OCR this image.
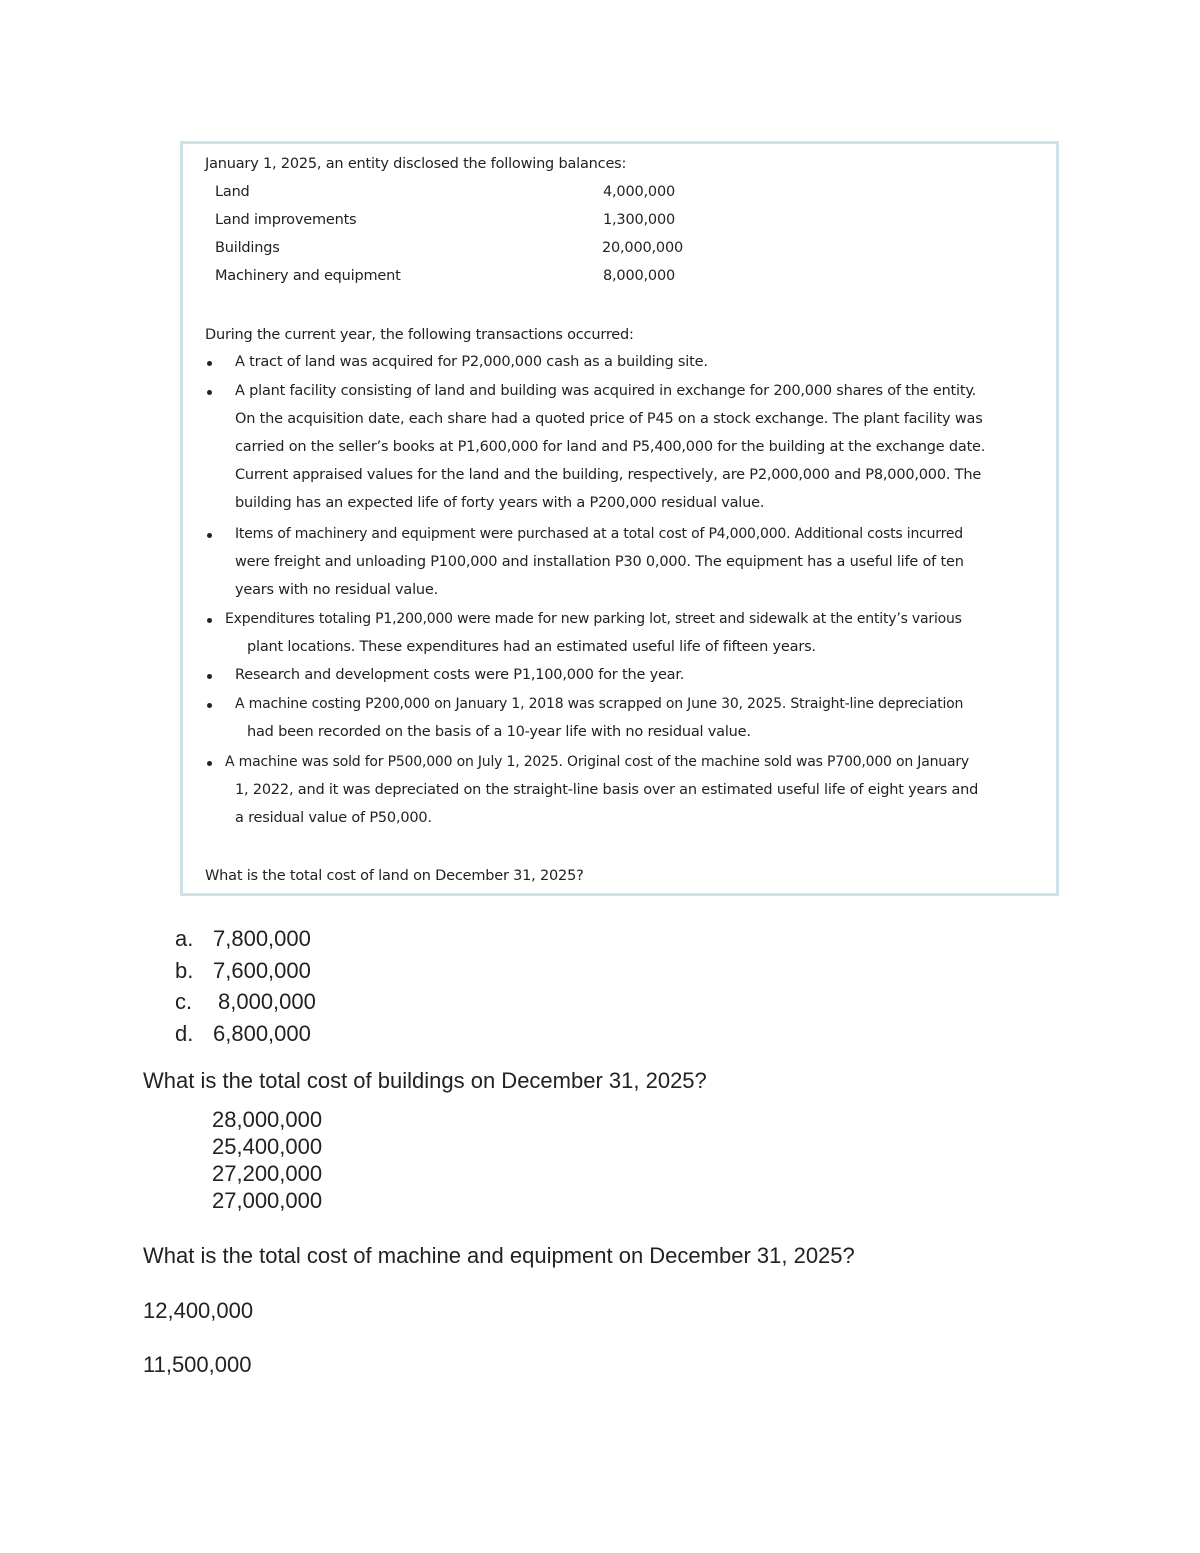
January 1, 2025, an entity disclosed the following balances:
Land	4,000,000
Land improvements	1,300,000
Buildings	20,000,000
Machinery and equipment	8,000,000
During the current year, the following transactions occurred:
A tract of land was acquired for P2,000,000 cash as a building site.
A plant facility consisting of land and building was acquired in exchange for 200,000 shares of the entity.
On the acquisition date, each share had a quoted price of P45 on a stock exchange. The plant facility was
carried on the seller’s books at P1,600,000 for land and P5,400,000 for the building at the exchange date.
Current appraised values for the land and the building, respectively, are P2,000,000 and P8,000,000. The
building has an expected life of forty years with a P200,000 residual value.
Items of machinery and equipment were purchased at a total cost of P4,000,000. Additional costs incurred
were freight and unloading P100,000 and installation P30 0,000. The equipment has a useful life of ten
years with no residual value.
Expenditures totaling P1,200,000 were made for new parking lot, street and sidewalk at the entity’s various
plant locations. These expenditures had an estimated useful life of fifteen years.
Research and development costs were P1,100,000 for the year.
A machine costing P200,000 on January 1, 2018 was scrapped on June 30, 2025. Straight-line depreciation
had been recorded on the basis of a 10-year life with no residual value.
A machine was sold for P500,000 on July 1, 2025. Original cost of the machine sold was P700,000 on January
1, 2022, and it was depreciated on the straight-line basis over an estimated useful life of eight years and
a residual value of P50,000.
What is the total cost of land on December 31, 2025?
a. 7,800,000
b. 7,600,000
c. 8,000,000
d. 6,800,000
What is the total cost of buildings on December 31, 2025?
28,000,000
25,400,000
27,200,000
27,000,000
What is the total cost of machine and equipment on December 31, 2025?
12,400,000
11,500,000
